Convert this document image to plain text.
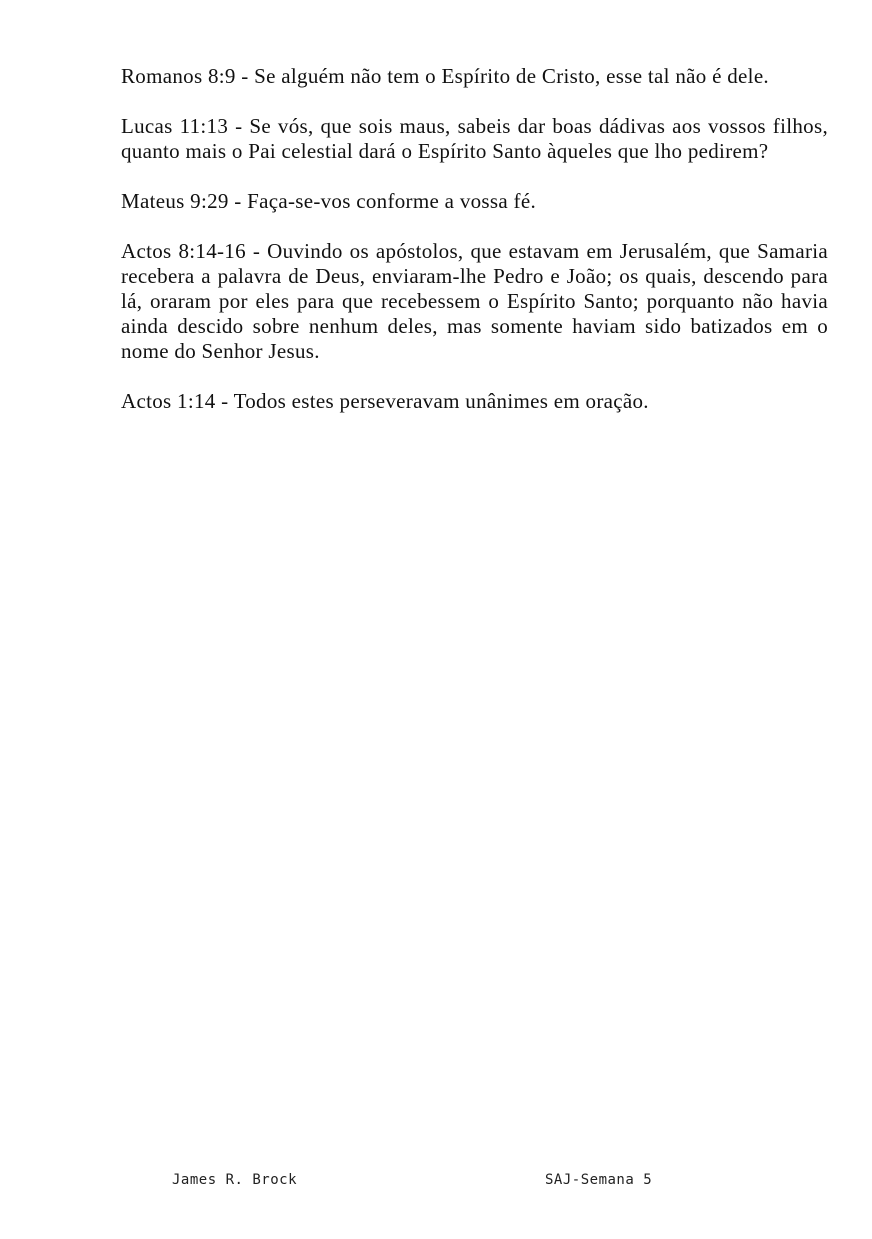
Romanos 8:9 - Se alguém não tem o Espírito de Cristo, esse tal não é dele.

Lucas 11:13 - Se vós, que sois maus, sabeis dar boas dádivas aos vossos filhos, quanto mais o Pai celestial dará o Espírito Santo àqueles que lho pedirem?

Mateus 9:29 - Faça-se-vos conforme a vossa fé.

Actos 8:14-16 - Ouvindo os apóstolos, que estavam em Jerusalém, que Samaria recebera a palavra de Deus, enviaram-lhe Pedro e João; os quais, descendo para lá, oraram por eles para que recebessem o Espírito Santo; porquanto não havia ainda descido sobre nenhum deles, mas somente haviam sido batizados em o nome do Senhor Jesus.

Actos 1:14 - Todos estes perseveravam unânimes em oração.

James R. Brock	SAJ-Semana 5
